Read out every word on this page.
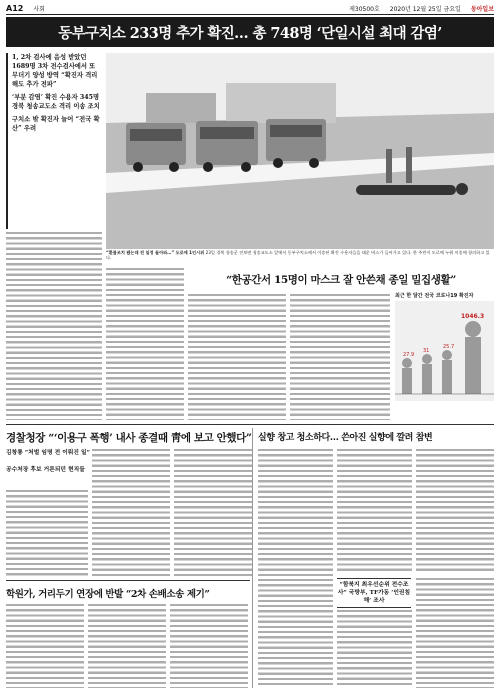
A12 사회	제30500호 2020년 12월 25일 금요일 동아일보
동부구치소 233명 추가 확진… 총 748명 ‘단일시설 최대 감염’

1, 2차 검사에 음성 받았던 1689명 3차 전수검사에서 또 무더기 양성 방역 “확진자 격리해도 추가 전파”

‘부분 감염’ 확진 수용자 345명 경북 청송교도소 격리 이송 조치

구치소 밖 확진자 늘어 “전국 확산” 우려

“환불조치 됐는데 전 일정 돌아와…” 도로에 1인시위 23일 경북 청송군 진보면 청송교도소 앞에서 동부구치소에서 이송된 확진 수용자들을 태운 버스가 들어가고 있다. 한 주민이 도로에 누워 이송에 항의하고 있다.
“한공간서 15명이 마스크 잘 안쓴채 종일 밀집생활”
최근 한 달간 전국 코로나19 확진자
27.9
31
25.7
1046.3
경찰청장 “‘이용구 폭행’ 내사 종결때 靑에 보고 안했다”
김창룡 “처벌 임명 전 이뤄진 일”
공수처장 후보 거론되던 현직들
실향 창고 청소하다… 쓴아진 실향에 깔려 참변
학원가, 거리두기 연장에 반발 “2차 손배소송 제기”
“함북지 최우선순위 전수조사” 국방부, TF가동 ‘인권침해’ 조사
